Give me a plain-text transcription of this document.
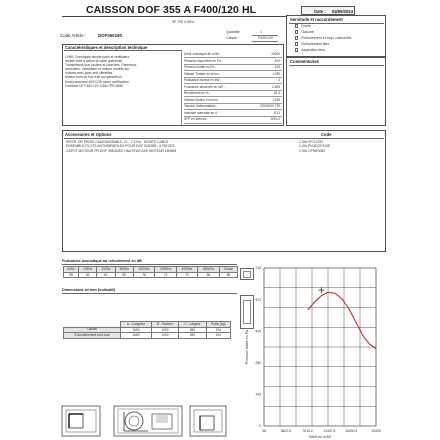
CAISSON DOF 355 A F400/120 HL
4P TRI 4.0Kw
Date : 04/09/2024
Servitude et raccordement
Droite
Gauche
Refoulement et Aspi. raccordée
Refoulement libre
Aspiration libre
Code Article :	DOF350190
Quantité :	1
Classe :	F400/120
Caractéristiques et description technique
LVNR. Enveloppe simple paroi et ventilateur
double ouïe à action en acier galvanisé.
Transmission par poulies et courroies. Panneaux
amovibles. Ventilateur et moteur montés sur
châssis avec plots anti-vibratiles.
Moteur hors du flux d'air qui garantit un
fonctionnement 400°C/2h selon certification.
Certificat CE F400-120 1166-CPR-0066
Débit volumique en m3/h :	10000
Pression disponible en Pa :	400
Pression totale en Pa :	615
Vitesse Turbine en tr/mn :	1099
Puissance moteur en kW :	4
Puissance absorbée en kW :	2.695
Rendement en % :	63.4
Vitesse Moteur en tr/mn :	1425
Tension d'alimentation :	230/400V TRI
Intensité nominale en A :	8.11
SFP en W/m3/s :	1042.2
Commentaires
Accessoires et Options	Code
INTER. DE PROXI CADENASSABLE 1V - 7.5 Kw - MONTE CABLE	1.00x IPC10751
ENSEMBLE PLOTS ANTIVIBRATILES POUR DOF 315/355 - 6 PIECES	1.00x PLODOF3135
CAPOT MOTEUR PR DOF 355 AVEC HAUTEUR AXE MOTEUR 160MM	1.00x CPM10060
Puissance acoustique au refoulement en dB
63Hz	125Hz	250Hz	500Hz	1000Hz	2000Hz	4000Hz	8000Hz	Global
85	82	81	80	76	74	70	66	88
Dimensions en mm (indicatif)
	A - Longueur	B - Hauteur	C - Largeur	Poids (kg)
Caisse	1650	1000	950	194
Encombrement hors tout	1650	1000	950	194
715
572
429
286
143
0
38	3822.6	7615.2	11407.8	15200.4	19493
Pression totale en Pa
Débit en m3/h
